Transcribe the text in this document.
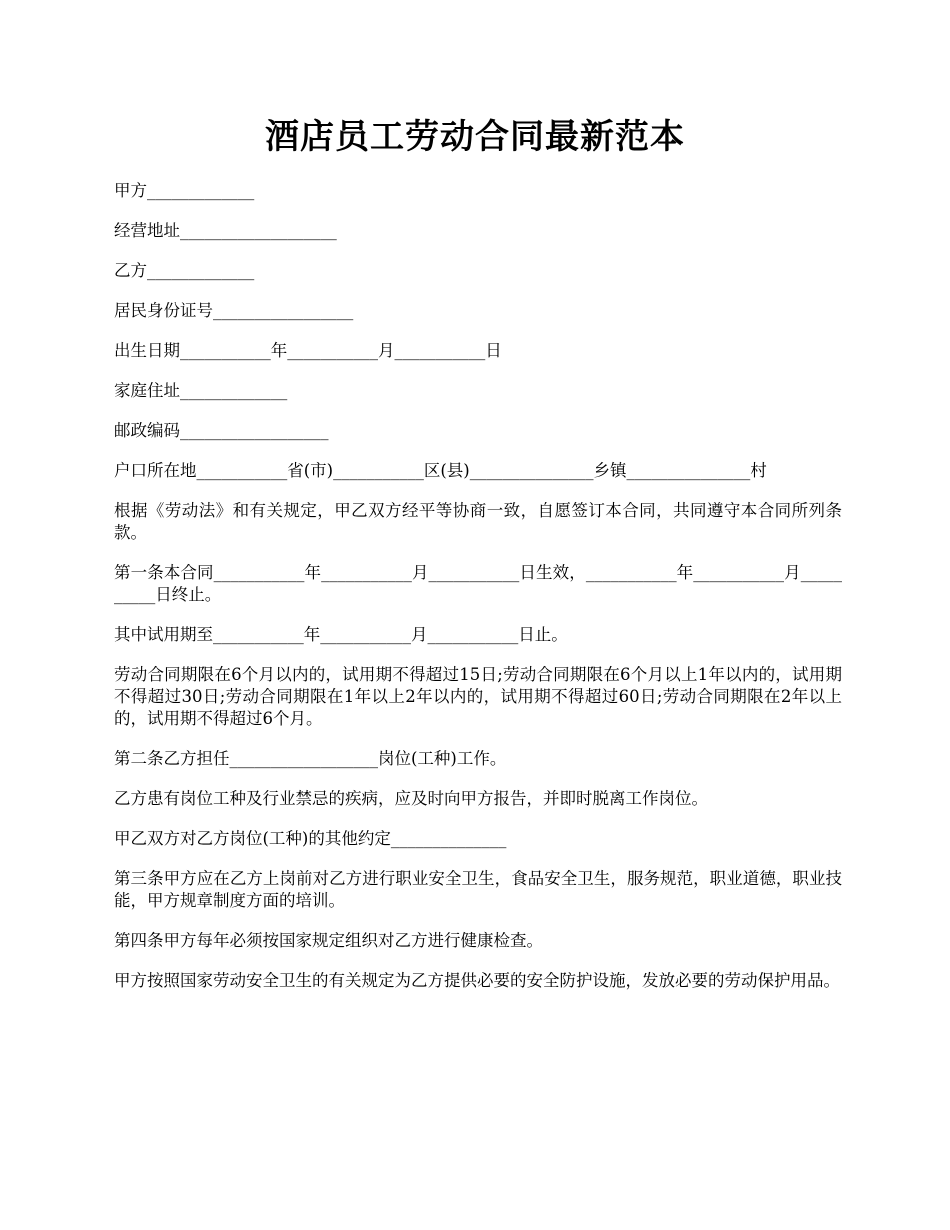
酒店员工劳动合同最新范本

甲方_____________

经营地址___________________

乙方_____________

居民身份证号_________________

出生日期___________年___________月___________日

家庭住址_____________

邮政编码__________________

户口所在地___________省(市)___________区(县)_______________乡镇_______________村

根据《劳动法》和有关规定，甲乙双方经平等协商一致，自愿签订本合同，共同遵守本合同所列条款。

第一条本合同___________年___________月___________日生效，___________年___________月__________日终止。

其中试用期至___________年___________月___________日止。

劳动合同期限在6个月以内的，试用期不得超过15日;劳动合同期限在6个月以上1年以内的，试用期不得超过30日;劳动合同期限在1年以上2年以内的，试用期不得超过60日;劳动合同期限在2年以上的，试用期不得超过6个月。

第二条乙方担任__________________岗位(工种)工作。

乙方患有岗位工种及行业禁忌的疾病，应及时向甲方报告，并即时脱离工作岗位。

甲乙双方对乙方岗位(工种)的其他约定______________

第三条甲方应在乙方上岗前对乙方进行职业安全卫生，食品安全卫生，服务规范，职业道德，职业技能，甲方规章制度方面的培训。

第四条甲方每年必须按国家规定组织对乙方进行健康检查。

甲方按照国家劳动安全卫生的有关规定为乙方提供必要的安全防护设施，发放必要的劳动保护用品。
